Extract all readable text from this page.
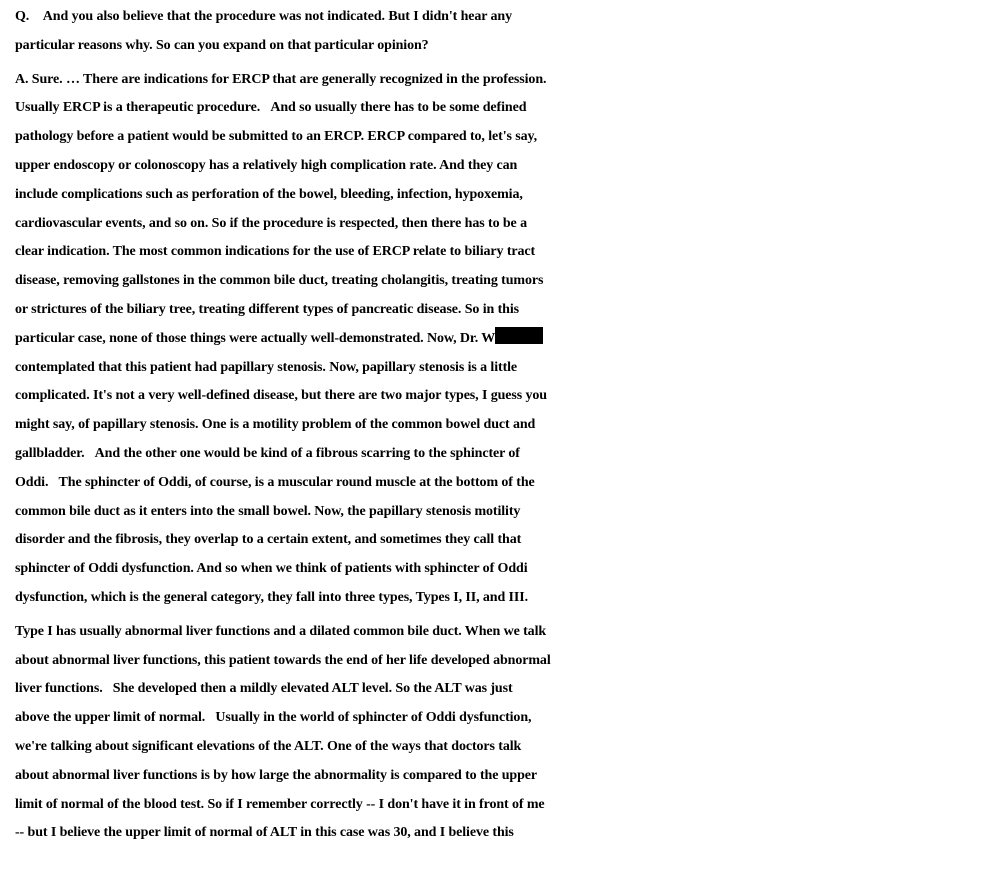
Q.    And you also believe that the procedure was not indicated. But I didn't hear any
particular reasons why. So can you expand on that particular opinion?
A. Sure. … There are indications for ERCP that are generally recognized in the profession.
Usually ERCP is a therapeutic procedure.   And so usually there has to be some defined
pathology before a patient would be submitted to an ERCP. ERCP compared to, let's say,
upper endoscopy or colonoscopy has a relatively high complication rate. And they can
include complications such as perforation of the bowel, bleeding, infection, hypoxemia,
cardiovascular events, and so on. So if the procedure is respected, then there has to be a
clear indication. The most common indications for the use of ERCP relate to biliary tract
disease, removing gallstones in the common bile duct, treating cholangitis, treating tumors
or strictures of the biliary tree, treating different types of pancreatic disease. So in this
particular case, none of those things were actually well-demonstrated. Now, Dr. W
contemplated that this patient had papillary stenosis. Now, papillary stenosis is a little
complicated. It's not a very well-defined disease, but there are two major types, I guess you
might say, of papillary stenosis. One is a motility problem of the common bowel duct and
gallbladder.   And the other one would be kind of a fibrous scarring to the sphincter of
Oddi.   The sphincter of Oddi, of course, is a muscular round muscle at the bottom of the
common bile duct as it enters into the small bowel. Now, the papillary stenosis motility
disorder and the fibrosis, they overlap to a certain extent, and sometimes they call that
sphincter of Oddi dysfunction. And so when we think of patients with sphincter of Oddi
dysfunction, which is the general category, they fall into three types, Types I, II, and III.
Type I has usually abnormal liver functions and a dilated common bile duct. When we talk
about abnormal liver functions, this patient towards the end of her life developed abnormal
liver functions.   She developed then a mildly elevated ALT level. So the ALT was just
above the upper limit of normal.   Usually in the world of sphincter of Oddi dysfunction,
we're talking about significant elevations of the ALT. One of the ways that doctors talk
about abnormal liver functions is by how large the abnormality is compared to the upper
limit of normal of the blood test. So if I remember correctly -- I don't have it in front of me
-- but I believe the upper limit of normal of ALT in this case was 30, and I believe this
